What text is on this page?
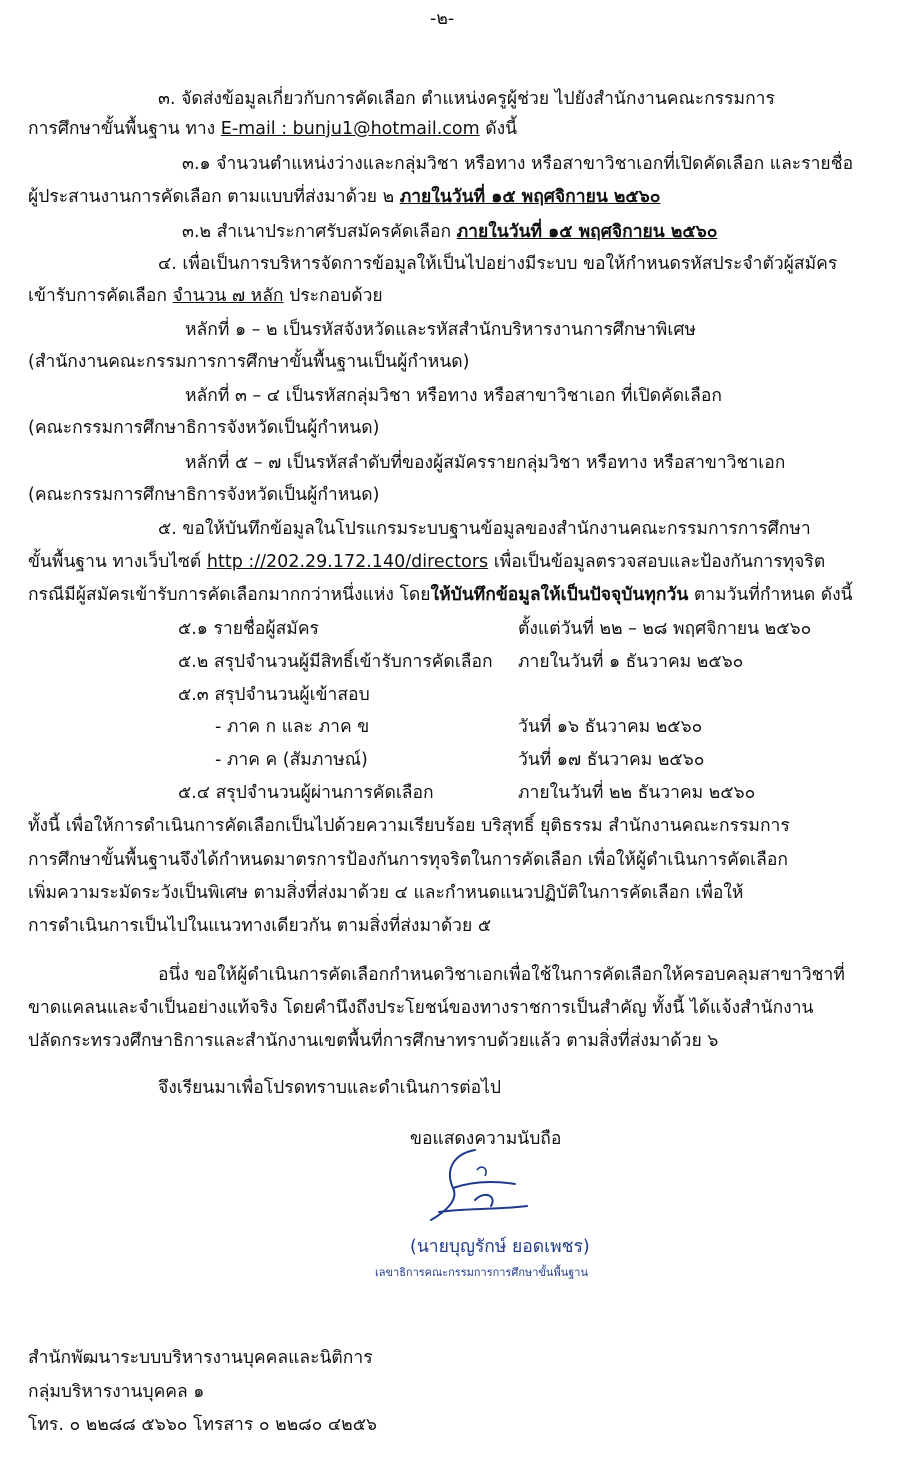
-๒-
๓. จัดส่งข้อมูลเกี่ยวกับการคัดเลือก ตำแหน่งครูผู้ช่วย ไปยังสำนักงานคณะกรรมการ
การศึกษาขั้นพื้นฐาน ทาง E-mail : bunju1@hotmail.com ดังนี้
๓.๑ จำนวนตำแหน่งว่างและกลุ่มวิชา หรือทาง หรือสาขาวิชาเอกที่เปิดคัดเลือก และรายชื่อ
ผู้ประสานงานการคัดเลือก ตามแบบที่ส่งมาด้วย ๒ ภายในวันที่ ๑๕ พฤศจิกายน ๒๕๖๐
๓.๒ สำเนาประกาศรับสมัครคัดเลือก ภายในวันที่ ๑๕ พฤศจิกายน ๒๕๖๐
๔. เพื่อเป็นการบริหารจัดการข้อมูลให้เป็นไปอย่างมีระบบ ขอให้กำหนดรหัสประจำตัวผู้สมัคร
เข้ารับการคัดเลือก จำนวน ๗ หลัก ประกอบด้วย
หลักที่ ๑ – ๒ เป็นรหัสจังหวัดและรหัสสำนักบริหารงานการศึกษาพิเศษ
(สำนักงานคณะกรรมการการศึกษาขั้นพื้นฐานเป็นผู้กำหนด)
หลักที่ ๓ – ๔ เป็นรหัสกลุ่มวิชา หรือทาง หรือสาขาวิชาเอก ที่เปิดคัดเลือก
(คณะกรรมการศึกษาธิการจังหวัดเป็นผู้กำหนด)
หลักที่ ๕ – ๗ เป็นรหัสลำดับที่ของผู้สมัครรายกลุ่มวิชา หรือทาง หรือสาขาวิชาเอก
(คณะกรรมการศึกษาธิการจังหวัดเป็นผู้กำหนด)
๕. ขอให้บันทึกข้อมูลในโปรแกรมระบบฐานข้อมูลของสำนักงานคณะกรรมการการศึกษา
ขั้นพื้นฐาน ทางเว็บไซต์ http ://202.29.172.140/directors เพื่อเป็นข้อมูลตรวจสอบและป้องกันการทุจริต
กรณีมีผู้สมัครเข้ารับการคัดเลือกมากกว่าหนึ่งแห่ง โดยให้บันทึกข้อมูลให้เป็นปัจจุบันทุกวัน ตามวันที่กำหนด ดังนี้
๕.๑ รายชื่อผู้สมัคร	ตั้งแต่วันที่ ๒๒ – ๒๘ พฤศจิกายน ๒๕๖๐
๕.๒ สรุปจำนวนผู้มีสิทธิ์เข้ารับการคัดเลือก ภายในวันที่ ๑ ธันวาคม ๒๕๖๐
๕.๓ สรุปจำนวนผู้เข้าสอบ
- ภาค ก และ ภาค ข	วันที่ ๑๖ ธันวาคม ๒๕๖๐
- ภาค ค (สัมภาษณ์)	วันที่ ๑๗ ธันวาคม ๒๕๖๐
๕.๔ สรุปจำนวนผู้ผ่านการคัดเลือก	ภายในวันที่ ๒๒ ธันวาคม ๒๕๖๐
ทั้งนี้ เพื่อให้การดำเนินการคัดเลือกเป็นไปด้วยความเรียบร้อย บริสุทธิ์ ยุติธรรม สำนักงานคณะกรรมการ
การศึกษาขั้นพื้นฐานจึงได้กำหนดมาตรการป้องกันการทุจริตในการคัดเลือก เพื่อให้ผู้ดำเนินการคัดเลือก
เพิ่มความระมัดระวังเป็นพิเศษ ตามสิ่งที่ส่งมาด้วย ๔ และกำหนดแนวปฏิบัติในการคัดเลือก เพื่อให้
การดำเนินการเป็นไปในแนวทางเดียวกัน ตามสิ่งที่ส่งมาด้วย ๕
อนึ่ง ขอให้ผู้ดำเนินการคัดเลือกกำหนดวิชาเอกเพื่อใช้ในการคัดเลือกให้ครอบคลุมสาขาวิชาที่
ขาดแคลนและจำเป็นอย่างแท้จริง โดยคำนึงถึงประโยชน์ของทางราชการเป็นสำคัญ ทั้งนี้ ได้แจ้งสำนักงาน
ปลัดกระทรวงศึกษาธิการและสำนักงานเขตพื้นที่การศึกษาทราบด้วยแล้ว ตามสิ่งที่ส่งมาด้วย ๖
จึงเรียนมาเพื่อโปรดทราบและดำเนินการต่อไป
ขอแสดงความนับถือ
(นายบุญรักษ์ ยอดเพชร)
เลขาธิการคณะกรรมการการศึกษาขั้นพื้นฐาน
สำนักพัฒนาระบบบริหารงานบุคคลและนิติการ
กลุ่มบริหารงานบุคคล ๑
โทร. ๐ ๒๒๘๘ ๕๖๖๐ โทรสาร ๐ ๒๒๘๐ ๔๒๕๖
